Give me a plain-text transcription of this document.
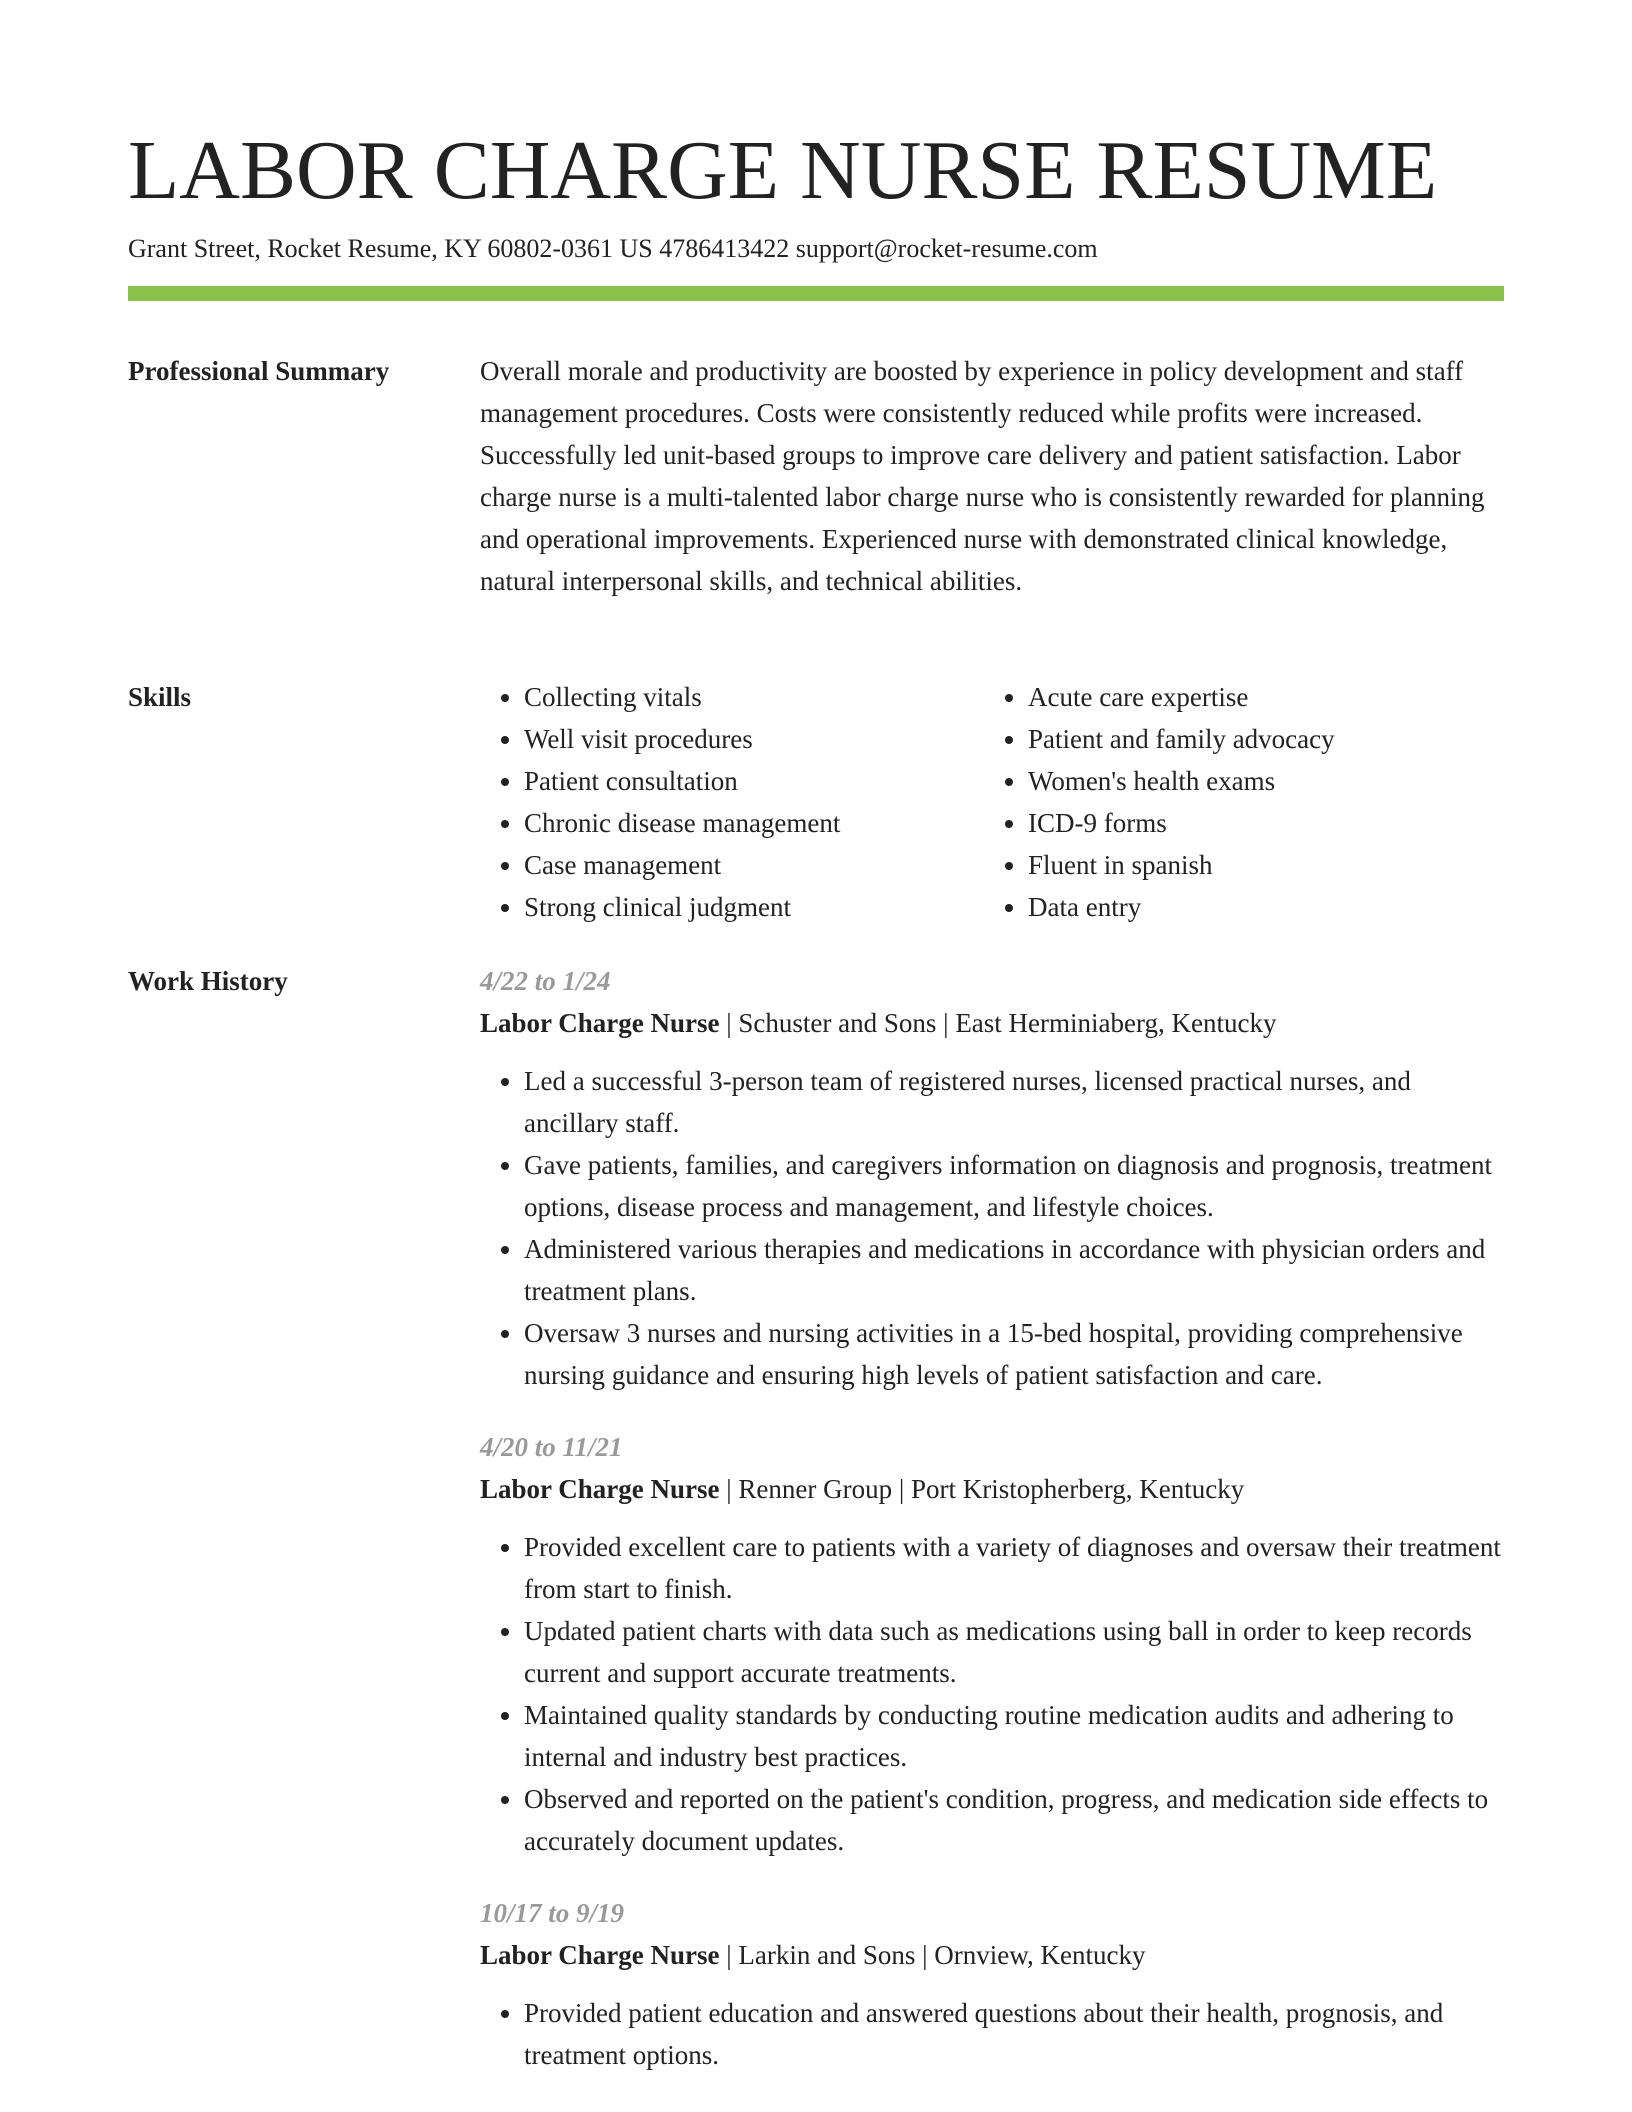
LABOR CHARGE NURSE RESUME
Grant Street, Rocket Resume, KY 60802-0361 US 4786413422 support@rocket-resume.com
Professional Summary	Overall morale and productivity are boosted by experience in policy development and staff management procedures. Costs were consistently reduced while profits were increased. Successfully led unit-based groups to improve care delivery and patient satisfaction. Labor charge nurse is a multi-talented labor charge nurse who is consistently rewarded for planning and operational improvements. Experienced nurse with demonstrated clinical knowledge, natural interpersonal skills, and technical abilities.

Skills
•	Collecting vitals
• Well visit procedures
• Patient consultation
• Chronic disease management
• Case management
• Strong clinical judgment
• Acute care expertise
• Patient and family advocacy
• Women's health exams
• ICD-9 forms
• Fluent in spanish
• Data entry
Work History	4/22 to 1/24
Labor Charge Nurse | Schuster and Sons | East Herminiaberg, Kentucky
• Led a successful 3-person team of registered nurses, licensed practical nurses, and ancillary staff.
• Gave patients, families, and caregivers information on diagnosis and prognosis, treatment options, disease process and management, and lifestyle choices.
• Administered various therapies and medications in accordance with physician orders and treatment plans.
• Oversaw 3 nurses and nursing activities in a 15-bed hospital, providing comprehensive nursing guidance and ensuring high levels of patient satisfaction and care.
4/20 to 11/21
Labor Charge Nurse | Renner Group | Port Kristopherberg, Kentucky
• Provided excellent care to patients with a variety of diagnoses and oversaw their treatment from start to finish.
• Updated patient charts with data such as medications using ball in order to keep records current and support accurate treatments.
• Maintained quality standards by conducting routine medication audits and adhering to internal and industry best practices.
• Observed and reported on the patient's condition, progress, and medication side effects to accurately document updates.
10/17 to 9/19
Labor Charge Nurse | Larkin and Sons | Ornview, Kentucky
• Provided patient education and answered questions about their health, prognosis, and treatment options.
